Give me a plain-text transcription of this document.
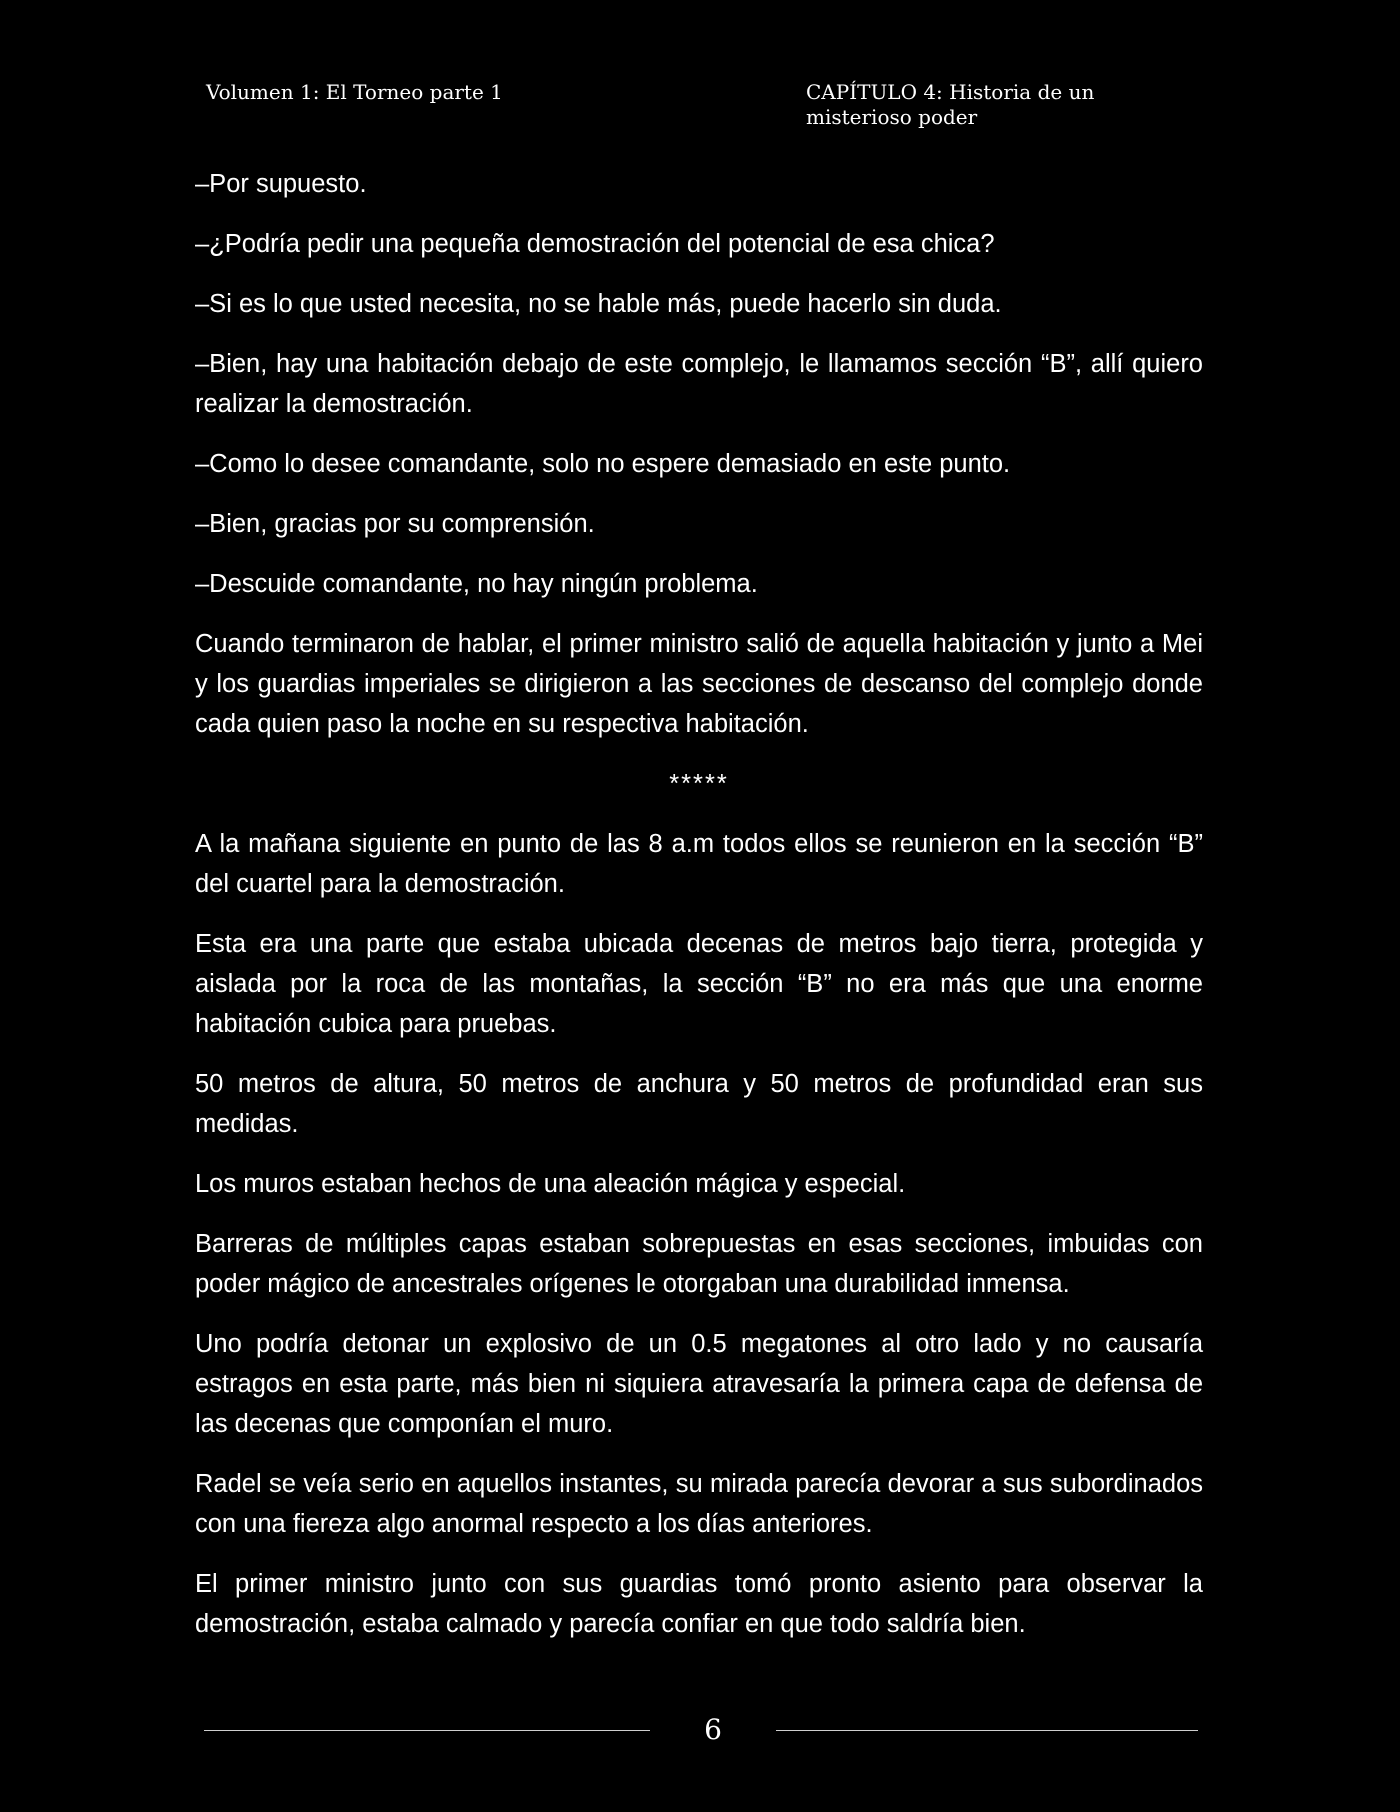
Volumen 1: El Torneo parte 1	CAPÍTULO 4: Historia de un misterioso poder

–Por supuesto.

–¿Podría pedir una pequeña demostración del potencial de esa chica?

–Si es lo que usted necesita, no se hable más, puede hacerlo sin duda.

–Bien, hay una habitación debajo de este complejo, le llamamos sección “B”, allí quiero realizar la demostración.

–Como lo desee comandante, solo no espere demasiado en este punto.

–Bien, gracias por su comprensión.

–Descuide comandante, no hay ningún problema.

Cuando terminaron de hablar, el primer ministro salió de aquella habitación y junto a Mei y los guardias imperiales se dirigieron a las secciones de descanso del complejo donde cada quien paso la noche en su respectiva habitación.

*****

A la mañana siguiente en punto de las 8 a.m todos ellos se reunieron en la sección “B” del cuartel para la demostración.

Esta era una parte que estaba ubicada decenas de metros bajo tierra, protegida y aislada por la roca de las montañas, la sección “B” no era más que una enorme habitación cubica para pruebas.

50 metros de altura, 50 metros de anchura y 50 metros de profundidad eran sus medidas.

Los muros estaban hechos de una aleación mágica y especial.

Barreras de múltiples capas estaban sobrepuestas en esas secciones, imbuidas con poder mágico de ancestrales orígenes le otorgaban una durabilidad inmensa.

Uno podría detonar un explosivo de un 0.5 megatones al otro lado y no causaría estragos en esta parte, más bien ni siquiera atravesaría la primera capa de defensa de las decenas que componían el muro.

Radel se veía serio en aquellos instantes, su mirada parecía devorar a sus subordinados con una fiereza algo anormal respecto a los días anteriores.

El primer ministro junto con sus guardias tomó pronto asiento para observar la demostración, estaba calmado y parecía confiar en que todo saldría bien.

6
